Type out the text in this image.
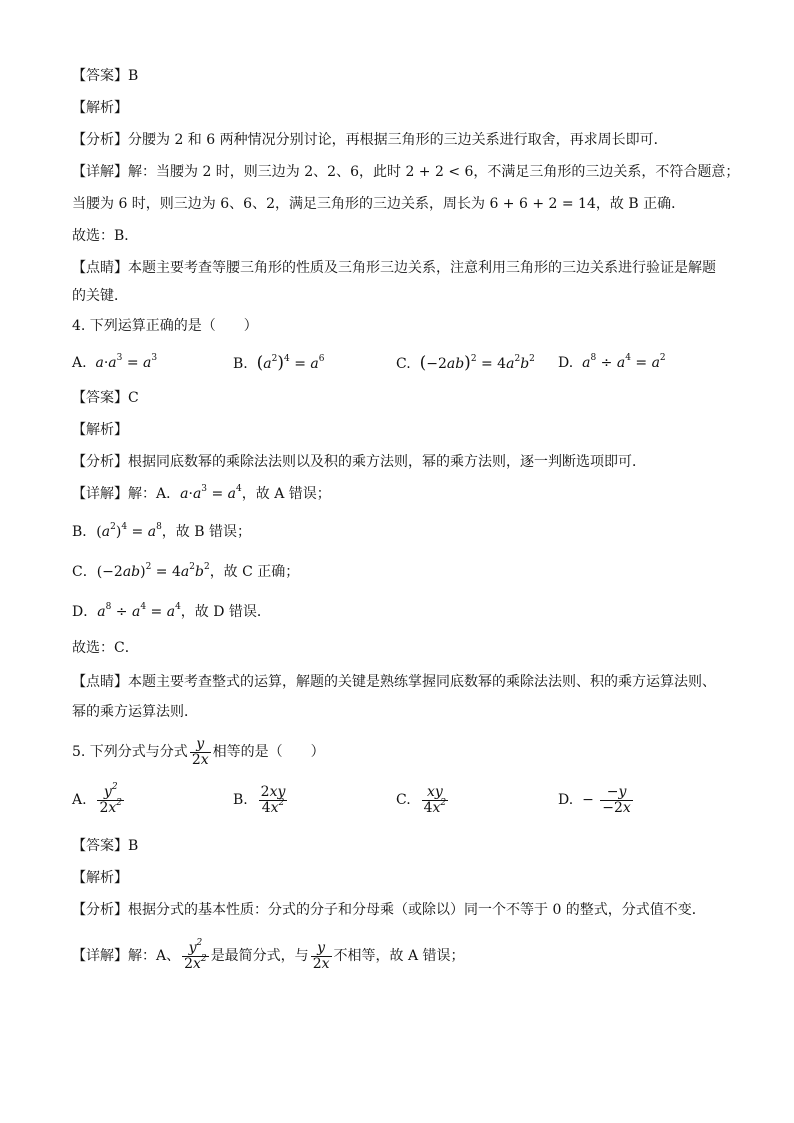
【答案】B
【解析】
【分析】分腰为 2 和 6 两种情况分别讨论，再根据三角形的三边关系进行取舍，再求周长即可．
【详解】解：当腰为 2 时，则三边为 2、2、6，此时 2 + 2 < 6，不满足三角形的三边关系，不符合题意；
当腰为 6 时，则三边为 6、6、2，满足三角形的三边关系，周长为 6 + 6 + 2 = 14，故 B 正确．
故选：B．
【点睛】本题主要考查等腰三角形的性质及三角形三边关系，注意利用三角形的三边关系进行验证是解题
的关键．
4. 下列运算正确的是（　　）
A. $a\cdot a^3 = a^3$	B. $(a^2)^4 = a^6$	C. $(-2ab)^2 = 4a^2b^2$ D. $a^8 \div a^4 = a^2$
【答案】C
【解析】
【分析】根据同底数幂的乘除法法则以及积的乘方法则，幂的乘方法则，逐一判断选项即可．
【详解】解：A．$a\cdot a^3 = a^4$，故 A 错误；
B．$(a^2)^4 = a^8$，故 B 错误；
C．$(-2ab)^2 = 4a^2b^2$，故 C 正确；
D．$a^8 \div a^4 = a^4$，故 D 错误．
故选：C．
【点睛】本题主要考查整式的运算，解题的关键是熟练掌握同底数幂的乘除法法则、积的乘方运算法则、
幂的乘方运算法则．
5. 下列分式与分式 $\frac{y}{2x}$ 相等的是（　　）
A. $\frac{y^2}{2x^2}$	B. $\frac{2xy}{4x^2}$	C. $\frac{xy}{4x^2}$	D.  − $\frac{-y}{-2x}$
【答案】B
【解析】
【分析】根据分式的基本性质：分式的分子和分母乘（或除以）同一个不等于 0 的整式，分式值不变．
【详解】解：A、 $\frac{y^2}{2x^2}$ 是最简分式，与 $\frac{y}{2x}$ 不相等，故 A 错误；
